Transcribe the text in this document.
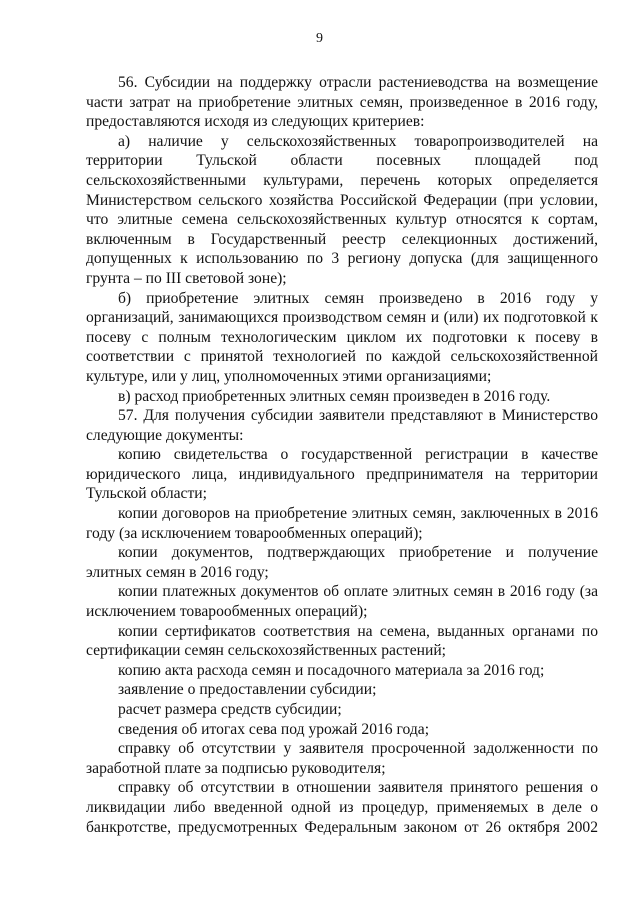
9

56. Субсидии на поддержку отрасли растениеводства на возмещение части затрат на приобретение элитных семян, произведенное в 2016 году, предоставляются исходя из следующих критериев:

а) наличие у сельскохозяйственных товаропроизводителей на территории Тульской области посевных площадей под сельскохозяйственными культурами, перечень которых определяется Министерством сельского хозяйства Российской Федерации (при условии, что элитные семена сельскохозяйственных культур относятся к сортам, включенным в Государственный реестр селекционных достижений, допущенных к использованию по 3 региону допуска (для защищенного грунта – по III световой зоне);

б) приобретение элитных семян произведено в 2016 году у организаций, занимающихся производством семян и (или) их подготовкой к посеву с полным технологическим циклом их подготовки к посеву в соответствии с принятой технологией по каждой сельскохозяйственной культуре, или у лиц, уполномоченных этими организациями;

в) расход приобретенных элитных семян произведен в 2016 году.

57. Для получения субсидии заявители представляют в Министерство следующие документы:

копию свидетельства о государственной регистрации в качестве юридического лица, индивидуального предпринимателя на территории Тульской области;

копии договоров на приобретение элитных семян, заключенных в 2016 году (за исключением товарообменных операций);

копии документов, подтверждающих приобретение и получение элитных семян в 2016 году;

копии платежных документов об оплате элитных семян в 2016 году (за исключением товарообменных операций);

копии сертификатов соответствия на семена, выданных органами по сертификации семян сельскохозяйственных растений;

копию акта расхода семян и посадочного материала за 2016 год;

заявление о предоставлении субсидии;

расчет размера средств субсидии;

сведения об итогах сева под урожай 2016 года;

справку об отсутствии у заявителя просроченной задолженности по заработной плате за подписью руководителя;

справку об отсутствии в отношении заявителя принятого решения о ликвидации либо введенной одной из процедур, применяемых в деле о банкротстве, предусмотренных Федеральным законом от 26 октября 2002
